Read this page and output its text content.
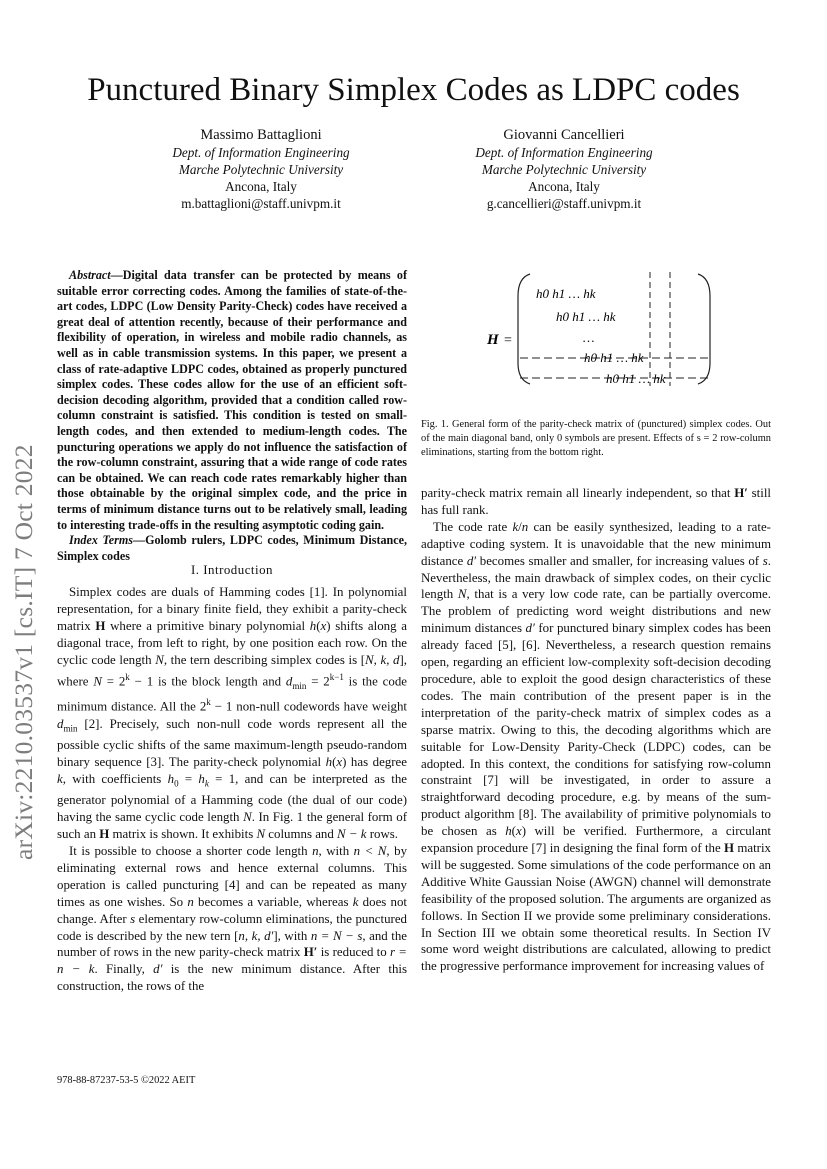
Punctured Binary Simplex Codes as LDPC codes
Massimo Battaglioni
Dept. of Information Engineering
Marche Polytechnic University
Ancona, Italy
m.battaglioni@staff.univpm.it
Giovanni Cancellieri
Dept. of Information Engineering
Marche Polytechnic University
Ancona, Italy
g.cancellieri@staff.univpm.it
arXiv:2210.03537v1 [cs.IT] 7 Oct 2022

Abstract—Digital data transfer can be protected by means of suitable error correcting codes. Among the families of state-of-the-art codes, LDPC (Low Density Parity-Check) codes have received a great deal of attention recently, because of their performance and flexibility of operation, in wireless and mobile radio channels, as well as in cable transmission systems. In this paper, we present a class of rate-adaptive LDPC codes, obtained as properly punctured simplex codes. These codes allow for the use of an efficient soft-decision decoding algorithm, provided that a condition called row-column constraint is satisfied. This condition is tested on small-length codes, and then extended to medium-length codes. The puncturing operations we apply do not influence the satisfaction of the row-column constraint, assuring that a wide range of code rates can be obtained. We can reach code rates remarkably higher than those obtainable by the original simplex code, and the price in terms of minimum distance turns out to be relatively small, leading to interesting trade-offs in the resulting asymptotic coding gain.

Index Terms—Golomb rulers, LDPC codes, Minimum Distance, Simplex codes

I. Introduction

Simplex codes are duals of Hamming codes [1]. In polynomial representation, for a binary finite field, they exhibit a parity-check matrix H where a primitive binary polynomial h(x) shifts along a diagonal trace, from left to right, by one position each row. On the cyclic code length N, the tern describing simplex codes is [N, k, d], where $N = 2^k - 1$ is the block length and $d_{min} = 2^{k-1}$ is the code minimum distance. All the $2^k - 1$ non-null codewords have weight $d_{min}$ [2]. Precisely, such non-null code words represent all the possible cyclic shifts of the same maximum-length pseudo-random binary sequence [3]. The parity-check polynomial h(x) has degree k, with coefficients $h_0 = h_k = 1$, and can be interpreted as the generator polynomial of a Hamming code (the dual of our code) having the same cyclic code length N. In Fig. 1 the general form of such an H matrix is shown. It exhibits N columns and N − k rows.

It is possible to choose a shorter code length n, with n < N, by eliminating external rows and hence external columns. This operation is called puncturing [4] and can be repeated as many times as one wishes. So n becomes a variable, whereas k does not change. After s elementary row-column eliminations, the punctured code is described by the new tern [n, k, d′], with n = N − s, and the number of rows in the new parity-check matrix H′ is reduced to r = n − k. Finally, d′ is the new minimum distance. After this construction, the rows of the

H =
h0 h1 … hk
h0 h1 … hk
…
h0 h1 … hk
h0 h1 … hk
Fig. 1. General form of the parity-check matrix of (punctured) simplex codes. Out of the main diagonal band, only 0 symbols are present. Effects of s = 2 row-column eliminations, starting from the bottom right.

parity-check matrix remain all linearly independent, so that H′ still has full rank.

The code rate k/n can be easily synthesized, leading to a rate-adaptive coding system. It is unavoidable that the new minimum distance d′ becomes smaller and smaller, for increasing values of s. Nevertheless, the main drawback of simplex codes, on their cyclic length N, that is a very low code rate, can be partially overcome. The problem of predicting word weight distributions and new minimum distances d′ for punctured binary simplex codes has been already faced [5], [6]. Nevertheless, a research question remains open, regarding an efficient low-complexity soft-decision decoding procedure, able to exploit the good design characteristics of these codes. The main contribution of the present paper is in the interpretation of the parity-check matrix of simplex codes as a sparse matrix. Owing to this, the decoding algorithms which are suitable for Low-Density Parity-Check (LDPC) codes, can be adopted. In this context, the conditions for satisfying row-column constraint [7] will be investigated, in order to assure a straightforward decoding procedure, e.g. by means of the sum-product algorithm [8]. The availability of primitive polynomials to be chosen as h(x) will be verified. Furthermore, a circulant expansion procedure [7] in designing the final form of the H matrix will be suggested. Some simulations of the code performance on an Additive White Gaussian Noise (AWGN) channel will demonstrate feasibility of the proposed solution. The arguments are organized as follows. In Section II we provide some preliminary considerations. In Section III we obtain some theoretical results. In Section IV some word weight distributions are calculated, allowing to predict the progressive performance improvement for increasing values of

978-88-87237-53-5 ©2022 AEIT
